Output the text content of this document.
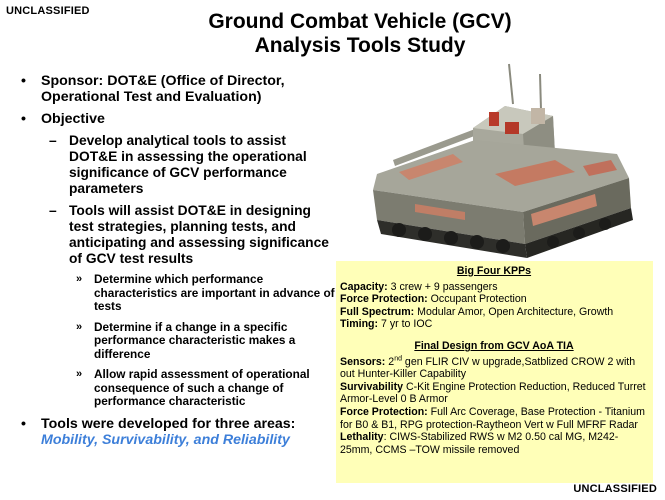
UNCLASSIFIED	Ground Combat Vehicle (GCV)
Analysis Tools Study
• Sponsor: DOT&E (Office of Director, Operational Test and Evaluation)
• Objective
– Develop analytical tools to assist DOT&E in assessing the operational significance of GCV performance parameters
– Tools will assist DOT&E in designing test strategies, planning tests, and anticipating and assessing significance of GCV test results
» Determine which performance characteristics are important in advance of tests
» Determine if a change in a specific performance characteristic makes a difference
» Allow rapid assessment of operational consequence of such a change of performance characteristic
• Tools were developed for three areas:
Mobility, Survivability, and Reliability
Big Four KPPs
Capacity: 3 crew + 9 passengers
Force Protection: Occupant Protection
Full Spectrum: Modular Amor, Open Architecture, Growth
Timing: 7 yr to IOC
Final Design from GCV AoA TIA
Sensors: 2nd gen FLIR CIV w upgrade,Satblized CROW 2 with out Hunter-Killer Capability
Survivability C-Kit Engine Protection Reduction, Reduced Turret Armor-Level 0 B Armor
Force Protection: Full Arc Coverage, Base Protection - Titanium for B0 & B1, RPG protection-Raytheon Vert w Full MFRF Radar
Lethality: CIWS-Stabilized RWS w M2 0.50 cal MG, M242-25mm, CCMS –TOW missile removed
UNCLASSIFIED
